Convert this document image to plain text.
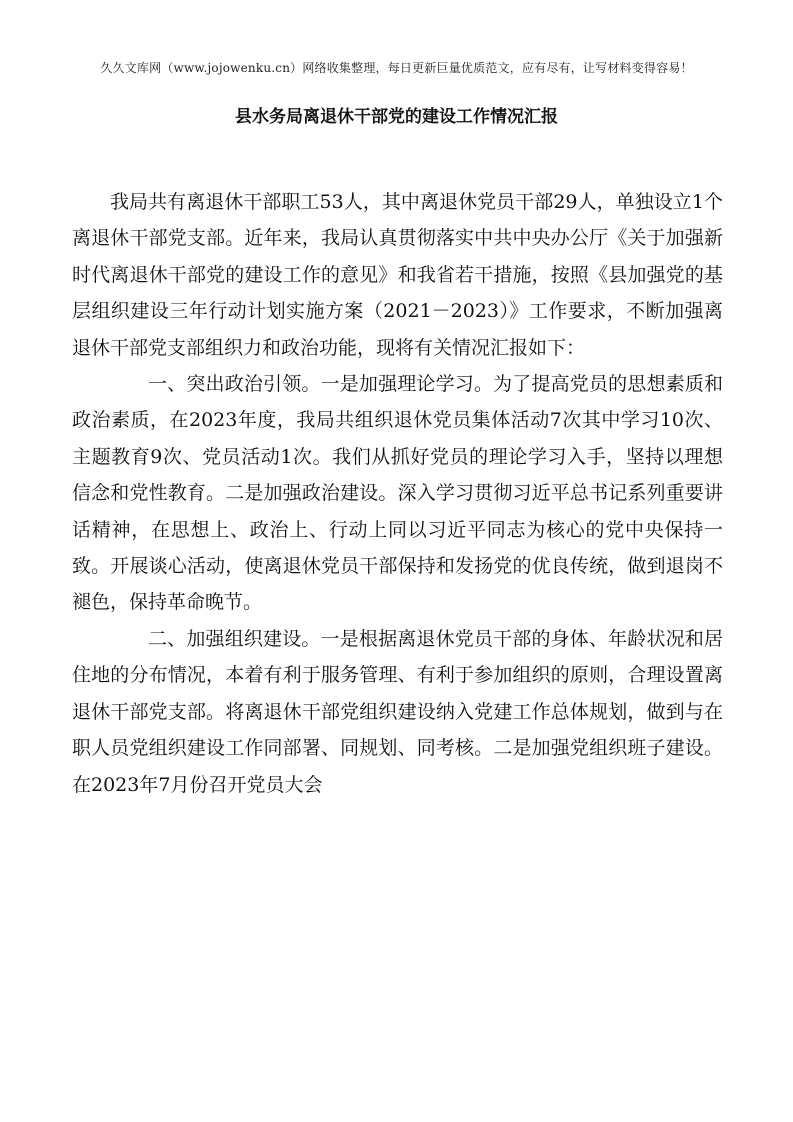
久久文库网（www.jojowenku.cn）网络收集整理，每日更新巨量优质范文，应有尽有，让写材料变得容易！
县水务局离退休干部党的建设工作情况汇报

我局共有离退休干部职工53人，其中离退休党员干部29人，单独设立1个离退休干部党支部。近年来，我局认真贯彻落实中共中央办公厅《关于加强新时代离退休干部党的建设工作的意见》和我省若干措施，按照《县加强党的基层组织建设三年行动计划实施方案（2021－2023）》工作要求，不断加强离退休干部党支部组织力和政治功能，现将有关情况汇报如下：

一、突出政治引领。一是加强理论学习。为了提高党员的思想素质和政治素质，在2023年度，我局共组织退休党员集体活动7次其中学习10次、主题教育9次、党员活动1次。我们从抓好党员的理论学习入手，坚持以理想信念和党性教育。二是加强政治建设。深入学习贯彻习近平总书记系列重要讲话精神，在思想上、政治上、行动上同以习近平同志为核心的党中央保持一致。开展谈心活动，使离退休党员干部保持和发扬党的优良传统，做到退岗不褪色，保持革命晚节。

二、加强组织建设。一是根据离退休党员干部的身体、年龄状况和居住地的分布情况，本着有利于服务管理、有利于参加组织的原则，合理设置离退休干部党支部。将离退休干部党组织建设纳入党建工作总体规划，做到与在职人员党组织建设工作同部署、同规划、同考核。二是加强党组织班子建设。在2023年7月份召开党员大会
